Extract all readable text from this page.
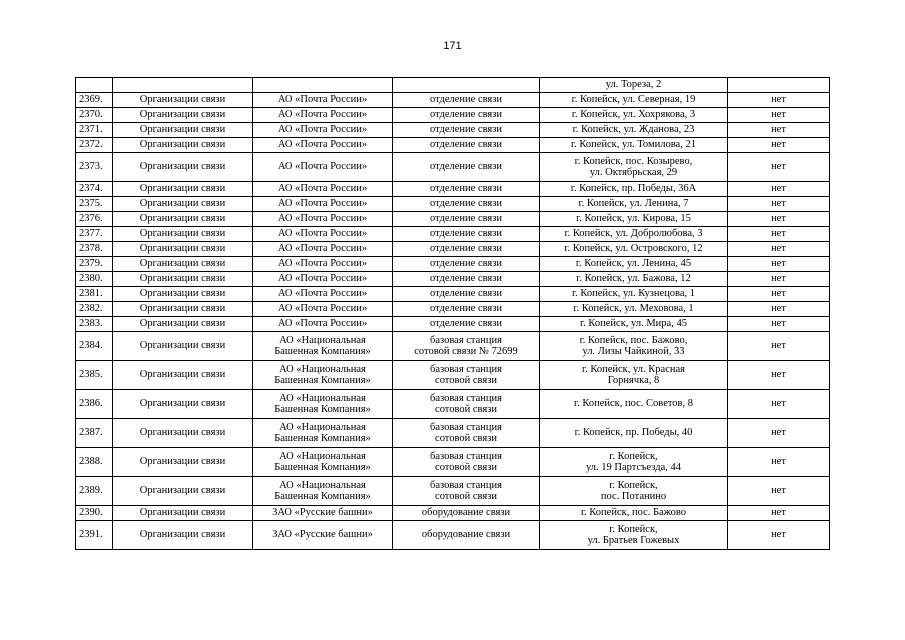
171

				ул. Тореза, 2	

2369.	Организации связи	АО «Почта России»	отделение связи	г. Копейск, ул. Северная, 19	нет
2370.	Организации связи	АО «Почта России»	отделение связи	г. Копейск, ул. Хохрякова, 3	нет
2371.	Организации связи	АО «Почта России»	отделение связи	г. Копейск, ул. Жданова, 23	нет
2372.	Организации связи	АО «Почта России»	отделение связи	г. Копейск, ул. Томилова, 21	нет
2373.	Организации связи	АО «Почта России»	отделение связи	г. Копейск, пос. Козырево,
ул. Октябрьская, 29	нет
2374.	Организации связи	АО «Почта России»	отделение связи	г. Копейск, пр. Победы, 36А	нет
2375.	Организации связи	АО «Почта России»	отделение связи	г. Копейск, ул. Ленина, 7	нет
2376.	Организации связи	АО «Почта России»	отделение связи	г. Копейск, ул. Кирова, 15	нет
2377.	Организации связи	АО «Почта России»	отделение связи	г. Копейск, ул. Добролюбова, 3	нет
2378.	Организации связи	АО «Почта России»	отделение связи	г. Копейск, ул. Островского, 12	нет
2379.	Организации связи	АО «Почта России»	отделение связи	г. Копейск, ул. Ленина, 45	нет
2380.	Организации связи	АО «Почта России»	отделение связи	г. Копейск, ул. Бажова, 12	нет
2381.	Организации связи	АО «Почта России»	отделение связи	г. Копейск, ул. Кузнецова, 1	нет
2382.	Организации связи	АО «Почта России»	отделение связи	г. Копейск, ул. Меховова, 1	нет
2383.	Организации связи	АО «Почта России»	отделение связи	г. Копейск, ул. Мира, 45	нет
2384.	Организации связи	АО «Национальная
Башенная Компания»	базовая станция
сотовой связи № 72699	г. Копейск, пос. Бажово,
ул. Лизы Чайкиной, 33	нет
2385.	Организации связи	АО «Национальная
Башенная Компания»	базовая станция
сотовой связи	г. Копейск, ул. Красная
Горнячка, 8	нет
2386.	Организации связи	АО «Национальная
Башенная Компания»	базовая станция
сотовой связи	г. Копейск, пос. Советов, 8	нет
2387.	Организации связи	АО «Национальная
Башенная Компания»	базовая станция
сотовой связи	г. Копейск, пр. Победы, 40	нет
2388.	Организации связи	АО «Национальная
Башенная Компания»	базовая станция
сотовой связи	г. Копейск,
ул. 19 Партсъезда, 44	нет
2389.	Организации связи	АО «Национальная
Башенная Компания»	базовая станция
сотовой связи	г. Копейск,
пос. Потанино	нет
2390.	Организации связи	ЗАО «Русские башни»	оборудование связи	г. Копейск, пос. Бажово	нет
2391.	Организации связи	ЗАО «Русские башни»	оборудование связи	г. Копейск,
ул. Братьев Гожевых	нет
